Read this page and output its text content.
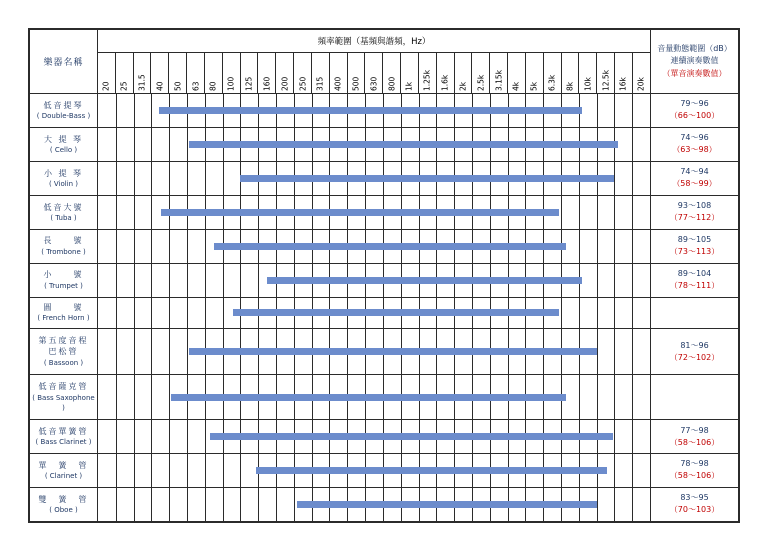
樂器名稱	頻率範圍（基頻與諧頻，Hz）																															音量動態範圍（dB）
連續演奏數值
（單音演奏數值）

	20	25	31.5	40	50	63	80	100	125	160	200	250	315	400	500	630	800	1k	1.25k	1.6k	2k	2.5k	3.15k	4k	5k	6.3k	8k	10k	12.5k	16k	20k	

低音提琴
( Double-Bass )																																79～96
（66～100）

大 提 琴
( Cello )																																74～96
（63～98）

小 提 琴
( Violin )																																74～94
（58～99）

低音大號
( Tuba )																																93～108
（77～112）

長　　號
( Trombone )																																89～105
（73～113）

小　　號
( Trumpet )																																89～104
（78～111）

圓　　號
( French Horn )																																

第五度音程
巴松管
( Bassoon )																																81～96
（72～102）

低音薩克管
( Bass Saxophone )																																

低音單簧管
( Bass Clarinet )																																77～98
（58～106）

單　簧　管
( Clarinet )																																78～98
（58～106）

雙　簧　管
( Oboe )																																83～95
（70～103）
